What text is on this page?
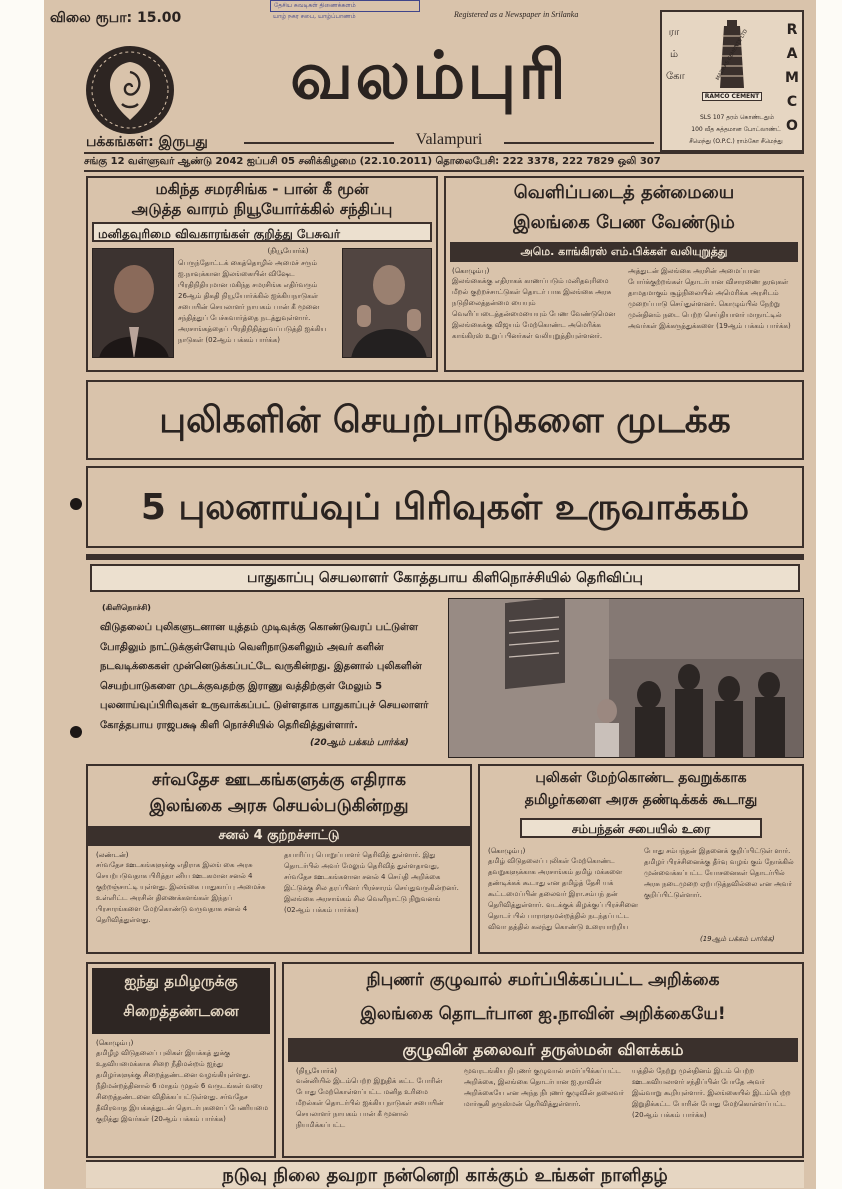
விலை ரூபா: 15.00
தேசிய சுவடிகள் திணைக்களம்
யாழ் நகர சபை, யாழ்ப்பாணம்	Registered as a Newspaper in Srilanka
வலம்புரி
பக்கங்கள்: இருபது	Valampuri
RAMCO
ரா ம் கோ	MADRAS CEMENTS LTD
RAMCO CEMENT
SLS 107 தரம் கொண்டதும்
100 வீத சுத்தமான போட்லாண்ட்
சீமெந்து (O.P.C.) ராம்கோ சீமெந்து
சங்கு 12 வள்ளுவர் ஆண்டு 2042 ஐப்பசி 05 சனிக்கிழமை (22.10.2011) தொலைபேசி: 222 3378, 222 7829 ஒலி 307
மகிந்த சமரசிங்க - பான் கீ மூன்
அடுத்த வாரம் நியூயோர்க்கில் சந்திப்பு
மனிதவுரிமை விவகாரங்கள் குறித்து பேசுவர்
(நியூயோர்க்)
பெருந்தோட்டக் கைத்தொழில் அமைச் சரும் ஐ.நாவுக்கான இலங்கையின் விஷேட பிரதிநிதியுமான மகிந்த சமரசிங்க எதிர்வரும் 26ஆம் திகதி நியூயோர்க்கில் ஐக்கியநாடுகள் சபையின் செயலாளர் நாயகம் பான் கீ மூனை சந்தித்துப் பேச்சுவார்த்தை நடத்துவுள்ளார். அரசாங்கத்தைப் பிரதிநிதித்துவப்படுத்தி ஐக்கிய நாடுகள் (02ஆம் பக்கம் பார்க்க)
வெளிப்படைத் தன்மையை
இலங்கை பேண வேண்டும்
அமெ. காங்கிரஸ் எம்.பிக்கள் வலியுறுத்து
(கொழும்பு)
இலங்கைக்கு எதிராகக் காணப்படும் மனிதவுரிமை மீறல் குற்றச்சாட்டுகள் தொடர் பாக இலங்கை அரசு நடுநிலைத்தன்மை யையும் வெளிப்படைத்தன்மையையும் பேண வேண்டுமென இலங்கைக்கு விஜயம் மேற்கொண்ட அமெரிக்க காங்கிரஸ் உறுப் பினர்கள் வலியுறுத்தியுள்ளனர்.
அத்துடன் இலங்கை அரசின் அமைப்பான போர்க்குற்றங்கள் தொடர்பான விசாரணை தரவுகள் தாமதமாகும் சூழ்நிலையில் அமெரிக்க அரசிடம் முறைப்பாடு செய்துள்ளனர். கொழும்பில் நேற்று முன்தினம் நடை பெற்ற செய்தியாளர் மாநாட்டில் அவர்கள் இக்கருத்துக்களை (19ஆம் பக்கம் பார்க்க)
புலிகளின் செயற்பாடுகளை முடக்க
5 புலனாய்வுப் பிரிவுகள் உருவாக்கம்
பாதுகாப்பு செயலாளர் கோத்தபாய கிளிநொச்சியில் தெரிவிப்பு
(கிளிநொச்சி)
விடுதலைப் புலிகளுடனான யுத்தம் முடிவுக்கு கொண்டுவரப் பட்டுள்ள போதிலும் நாட்டுக்குள்ளேயும் வெளிநாடுகளிலும் அவர் களின் நடவடிக்கைகள் முன்னெடுக்கப்பட்டே வருகின்றது. இதனால் புலிகளின் செயற்பாடுகளை முடக்குவதற்கு இராணு வத்திற்குள் மேலும் 5 புலனாய்வுப்பிரிவுகள் உருவாக்கப்பட் டுள்ளதாக பாதுகாப்புச் செயலாளர் கோத்தபாய ராஜபக்ஷ கிளி நொச்சியில் தெரிவித்துள்ளார்.
(20ஆம் பக்கம் பார்க்க)
சர்வதேச ஊடகங்களுக்கு எதிராக
இலங்கை அரசு செயல்படுகின்றது
சனல் 4 குற்றச்சாட்டு
(லண்டன்)
சர்வதேச ஊடகங்களுக்கு எதிராக இலங் கை அரசு செயற்படுவதாக பிரித்தா னிய ஊடகமான சனல் 4 குற்றஞ்சாட்டி யுள்ளது. இலங்கை பாதுகாப்பு அமைச்சு உள்ளிட்ட அரசின் திணைக்களங்கள் இந்தப் பிரசாரங்களை மேற்கொண்டு வருவதாக சனல் 4 தெரிவித்துள்ளது.
தயாரிப்பு பொறுப்பாளர் தெரிவித் துள்ளார். இது தொடர்பில் அவர் மேலும் தெரிவித் துள்ளதாவது, சர்வதேச ஊடகங்களான சனல் 4 செய்தி அறிக்கை இட்டுக்கு சில தரப்பினர் பிரச்சாரம் செய்துவருகின்றனர். இலங்கை அரசாங்கம் சில வெளிநாட்டு நிறுவனங் (02ஆம் பக்கம் பார்க்க)
புலிகள் மேற்கொண்ட தவறுக்காக
தமிழர்களை அரசு தண்டிக்கக் கூடாது
சம்பந்தன் சபையில் உரை
(கொழும்பு)
தமிழ் விடுதலைப் புலிகள் மேற்கொண்ட தவறுகளுக்காக அரசாங்கம் தமிழ் மக்களை தண்டிக்கக் கூடாது என தமிழ்த் தேசி யக் கூட்டமைப்பின் தலைவர் இரா.சம்பந் தன் தெரிவித்துள்ளார். வடக்குக் கிழக்குப் பிரச்சினை தொடர் பில் பாராளுமன்றத்தில் நடந்தப்பட்ட விவா தத்தில் கலந்து கொண்டு உரையாற்றிய
போது சம்பந்தன் இதனைக் குறிப்பிட்டுள் ளார். தமிழர் பிரச்சினைக்கு தீர்வு வழங் கும் நோக்கில் முன்வைக்கப்பட்ட யோசனைகள் தொடர்பில் அரசு நடைமுறை ஏற்படுத்தவில்லை என அவர் குறிப்பிட்டுள்ளார்.
(19ஆம் பக்கம் பார்க்க)
ஐந்து தமிழருக்கு
சிறைத்தண்டனை
(கொழும்பு)
தமிழீழ விடுதலைப் புலிகள் இயக்கத் துக்கு உதவியமைக்காக சிறை நீதிமன்றம் ஐந்து தமிழர்களுக்கு சிறைத்தண்டனை வழங்கியுள்ளது. நீதிமன்றத்தினால் 6 மாதம் முதல் 6 வருடங்கள் வரை சிறைத்தண்டனை விதிக்கப்பட்டுள்ளது. சர்வதேச தீவிரவாத இயக்கத்துடன் தொடர்புகளைப் பேணியமை குறித்து இவர்கள் (20ஆம் பக்கம் பார்க்க)
நிபுணர் குழுவால் சமர்ப்பிக்கப்பட்ட அறிக்கை
இலங்கை தொடர்பான ஐ.நாவின் அறிக்கையே!
குழுவின் தலைவர் தருஸ்மன் விளக்கம்
(நியூயோர்க்)
வன்னியில் இடம்பெற்ற இறுதிக் கட்ட போரின் போது மேற்கொள்ளப்பட்ட மனித உரிமை மீறல்கள் தொடர்பில் ஐக்கிய நாடுகள் சபையின் செயலாளர் நாயகம் பான் கீ மூனால் நியமிக்கப்பட்ட
மூவரடங்கிய நிபுணர் குழுவால் சமர்ப்பிக்கப்பட்ட அறிக்கை, இலங்கை தொடர்பான ஐ.நாவின் அறிக்கையே என அந்த நிபுணர் குழுவின் தலைவர் மார்சூகி தருஸ்மன் தெரிவித்துள்ளார்.
யத்தில் நேற்று முன்தினம் இடம் பெற்ற ஊடகவியலாளர் சந்திப்பின் போதே அவர் இவ்வாறு கூறியுள்ளார். இலங்கையில் இடம்பெற்ற இறுதிக்கட்ட போரின் போது மேற்கொள்ளப்பட்ட (20ஆம் பக்கம் பார்க்க)
நடுவு நிலை தவறா நன்னெறி காக்கும் உங்கள் நாளிதழ்
